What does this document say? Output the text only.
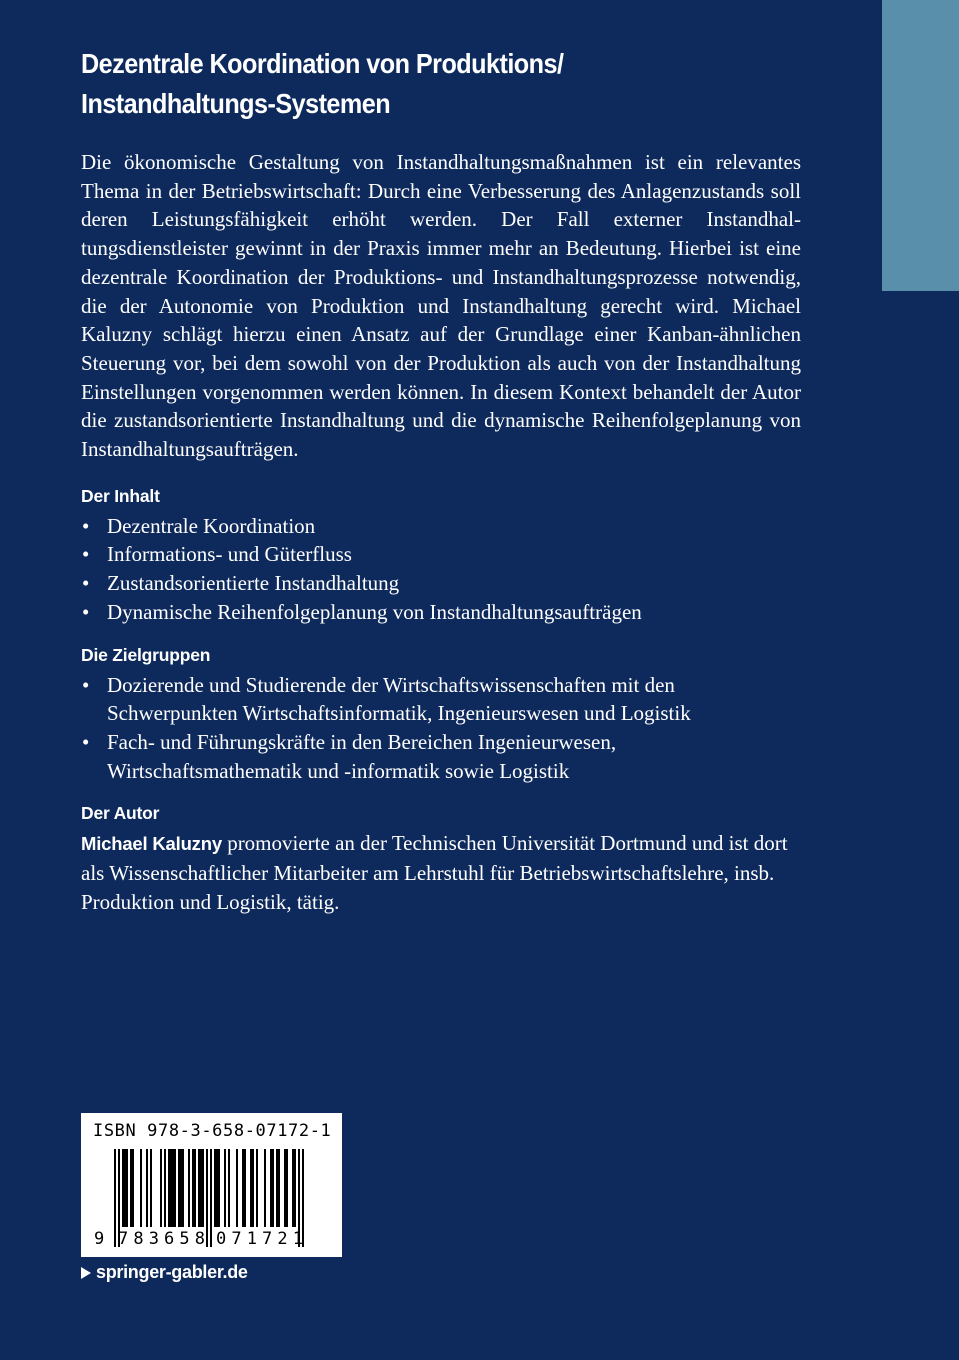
Dezentrale Koordination von Produktions/
Instandhaltungs-Systemen

Die ökonomische Gestaltung von Instandhaltungsmaßnahmen ist ein relevantes Thema in der Betriebswirtschaft: Durch eine Verbesserung des Anlagenzustands soll deren Leistungsfähigkeit erhöht werden. Der Fall externer Instandhaltungsdienstleister gewinnt in der Praxis immer mehr an Bedeutung. Hierbei ist eine dezentrale Koordination der Produktions- und Instandhaltungsprozesse notwendig, die der Autonomie von Produktion und Instandhaltung gerecht wird. Michael Kaluzny schlägt hierzu einen Ansatz auf der Grundlage einer Kanban-ähnlichen Steuerung vor, bei dem sowohl von der Produktion als auch von der Instandhaltung Einstellungen vorgenommen werden können. In diesem Kontext behandelt der Autor die zustandsorientierte Instandhaltung und die dynamische Reihenfolgeplanung von Instandhaltungsaufträgen.

Der Inhalt
• Dezentrale Koordination
• Informations- und Güterfluss
• Zustandsorientierte Instandhaltung
• Dynamische Reihenfolgeplanung von Instandhaltungsaufträgen
Die Zielgruppen
• Dozierende und Studierende der Wirtschaftswissenschaften mit den Schwerpunkten Wirtschaftsinformatik, Ingenieurswesen und Logistik
• Fach- und Führungskräfte in den Bereichen Ingenieurwesen, Wirtschaftsmathematik und -informatik sowie Logistik
Der Autor

Michael Kaluzny promovierte an der Technischen Universität Dortmund und ist dort als Wissenschaftlicher Mitarbeiter am Lehrstuhl für Betriebswirtschaftslehre, insb. Produktion und Logistik, tätig.

9 783658 071721
ISBN 978-3-658-07172-1
springer-gabler.de
